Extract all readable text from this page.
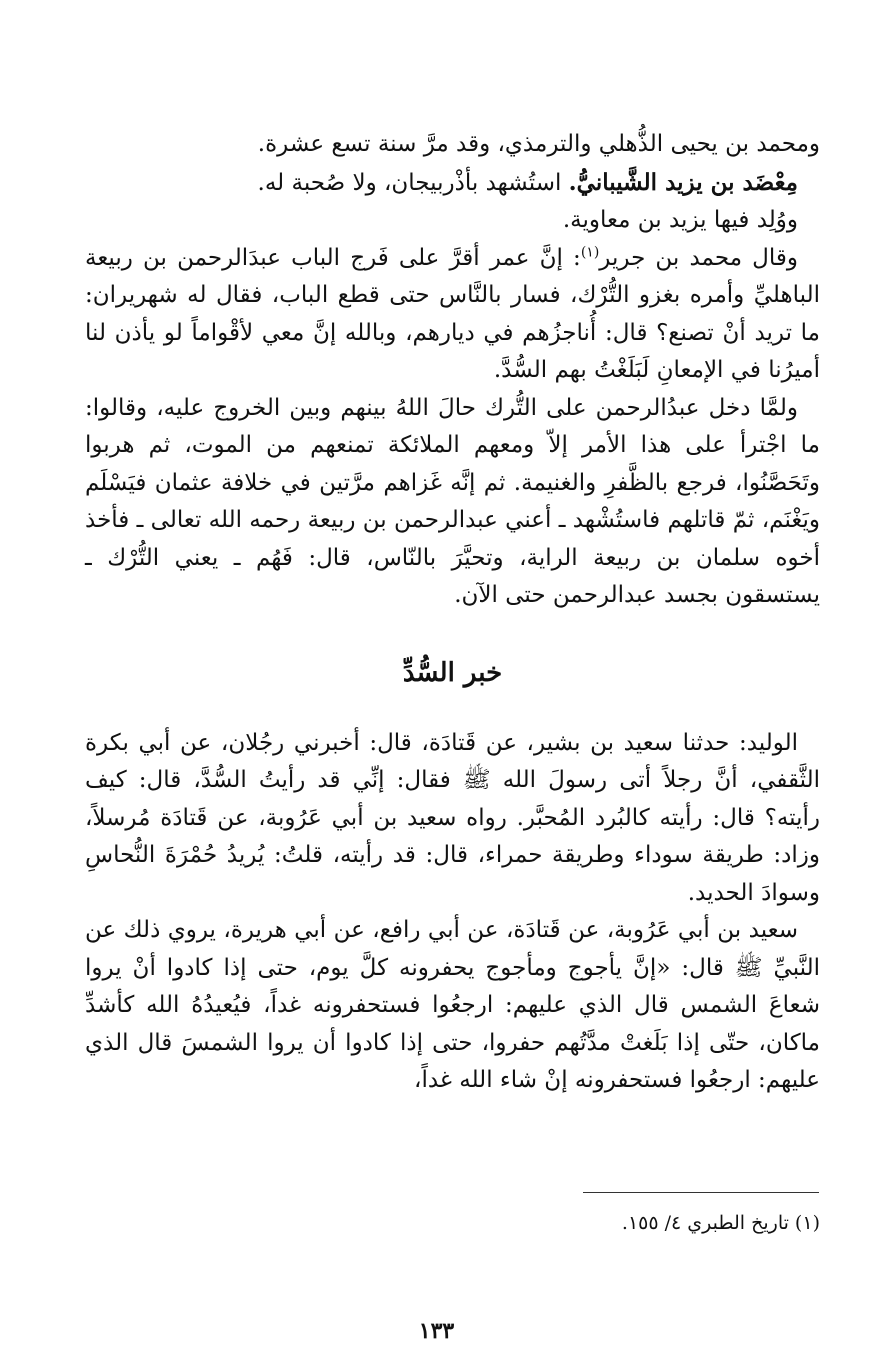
ومحمد بن يحيى الذُّهلي والترمذي، وقد مرَّ سنة تسع عشرة.

مِعْضَد بن يزيد الشَّيبانيُّ. استُشهد بأذْربيجان، ولا صُحبة له.

ووُلِد فيها يزيد بن معاوية.

وقال محمد بن جرير$^{(١)}$: إنَّ عمر أقرَّ على فَرج الباب عبدَالرحمن بن ربيعة الباهليِّ وأمره بغزو التُّرْك، فسار بالنَّاس حتى قطع الباب، فقال له شهريران: ما تريد أنْ تصنع؟ قال: أُناجزُهم في ديارهم، وبالله إنَّ معي لأقْواماً لو يأذن لنا أميرُنا في الإمعانِ لَبَلَغْتُ بهم السُّدَّ.

ولمَّا دخل عبدُالرحمن على التُّرك حالَ اللهُ بينهم وبين الخروج عليه، وقالوا: ما اجْترأ على هذا الأمر إلاّ ومعهم الملائكة تمنعهم من الموت، ثم هربوا وتَحَصَّنُوا، فرجع بالظَّفرِ والغنيمة. ثم إنَّه غَزاهم مرَّتين في خلافة عثمان فيَسْلَم ويَغْنَم، ثمّ قاتلهم فاستُشْهد ـ أعني عبدالرحمن بن ربيعة رحمه الله تعالى ـ فأخذ أخوه سلمان بن ربيعة الراية، وتحيَّرَ بالنّاس، قال: فَهُم ـ يعني التُّرْك ـ يستسقون بجسد عبدالرحمن حتى الآن.

خبر السُّدِّ

الوليد: حدثنا سعيد بن بشير، عن قَتادَة، قال: أخبرني رجُلان، عن أبي بكرة الثَّقفي، أنَّ رجلاً أتى رسولَ الله ﷺ فقال: إنِّي قد رأيتُ السُّدَّ، قال: كيف رأيته؟ قال: رأيته كالبُرد المُحبَّر. رواه سعيد بن أبي عَرُوبة، عن قَتادَة مُرسلاً، وزاد: طريقة سوداء وطريقة حمراء، قال: قد رأيته، قلتُ: يُريدُ حُمْرَةَ النُّحاسِ وسوادَ الحديد.

سعيد بن أبي عَرُوبة، عن قَتادَة، عن أبي رافع، عن أبي هريرة، يروي ذلك عن النَّبيِّ ﷺ قال: «إنَّ يأجوج ومأجوج يحفرونه كلَّ يوم، حتى إذا كادوا أنْ يروا شعاعَ الشمس قال الذي عليهم: ارجعُوا فستحفرونه غداً، فيُعيدُهُ الله كأشدِّ ماكان، حتّى إذا بَلَغتْ مدَّتُهم حفروا، حتى إذا كادوا أن يروا الشمسَ قال الذي عليهم: ارجعُوا فستحفرونه إنْ شاء الله غداً،

(١) تاريخ الطبري ٤/ ١٥٥.
١٣٣
